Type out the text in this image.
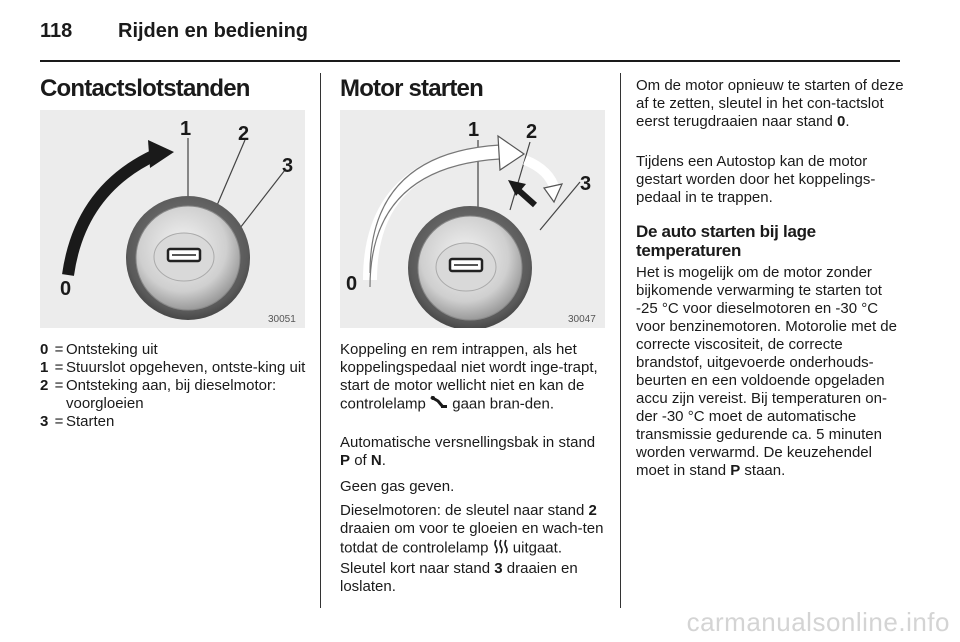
118 Rijden en bediening
Contactslotstanden
0
1 2
3
30051
0 = Ontsteking uit
1 = Stuurslot opgeheven, ontste-king uit
2 = Ontsteking aan, bij dieselmotor: voorgloeien
3 = Starten
Motor starten
0
1 2
3
30047

Koppeling en rem intrappen, als het koppelingspedaal niet wordt inge-trapt, start de motor wellicht niet en kan de controlelamp gaan bran-den.

Automatische versnellingsbak in stand P of N.

Geen gas geven.

Dieselmotoren: de sleutel naar stand 2 draaien om voor te gloeien en wach-ten totdat de controlelamp uitgaat.

Sleutel kort naar stand 3 draaien en loslaten.

Om de motor opnieuw te starten of deze af te zetten, sleutel in het con-tactslot eerst terugdraaien naar stand 0.

Tijdens een Autostop kan de motor gestart worden door het koppelings-pedaal in te trappen.

De auto starten bij lage temperaturen

Het is mogelijk om de motor zonder bijkomende verwarming te starten tot -25 °C voor dieselmotoren en -30 °C voor benzinemotoren. Motorolie met de correcte viscositeit, de correcte brandstof, uitgevoerde onderhouds-beurten en een voldoende opgeladen accu zijn vereist. Bij temperaturen on-der -30 °C moet de automatische transmissie gedurende ca. 5 minuten worden verwarmd. De keuzehendel moet in stand P staan.

carmanualsonline.info
